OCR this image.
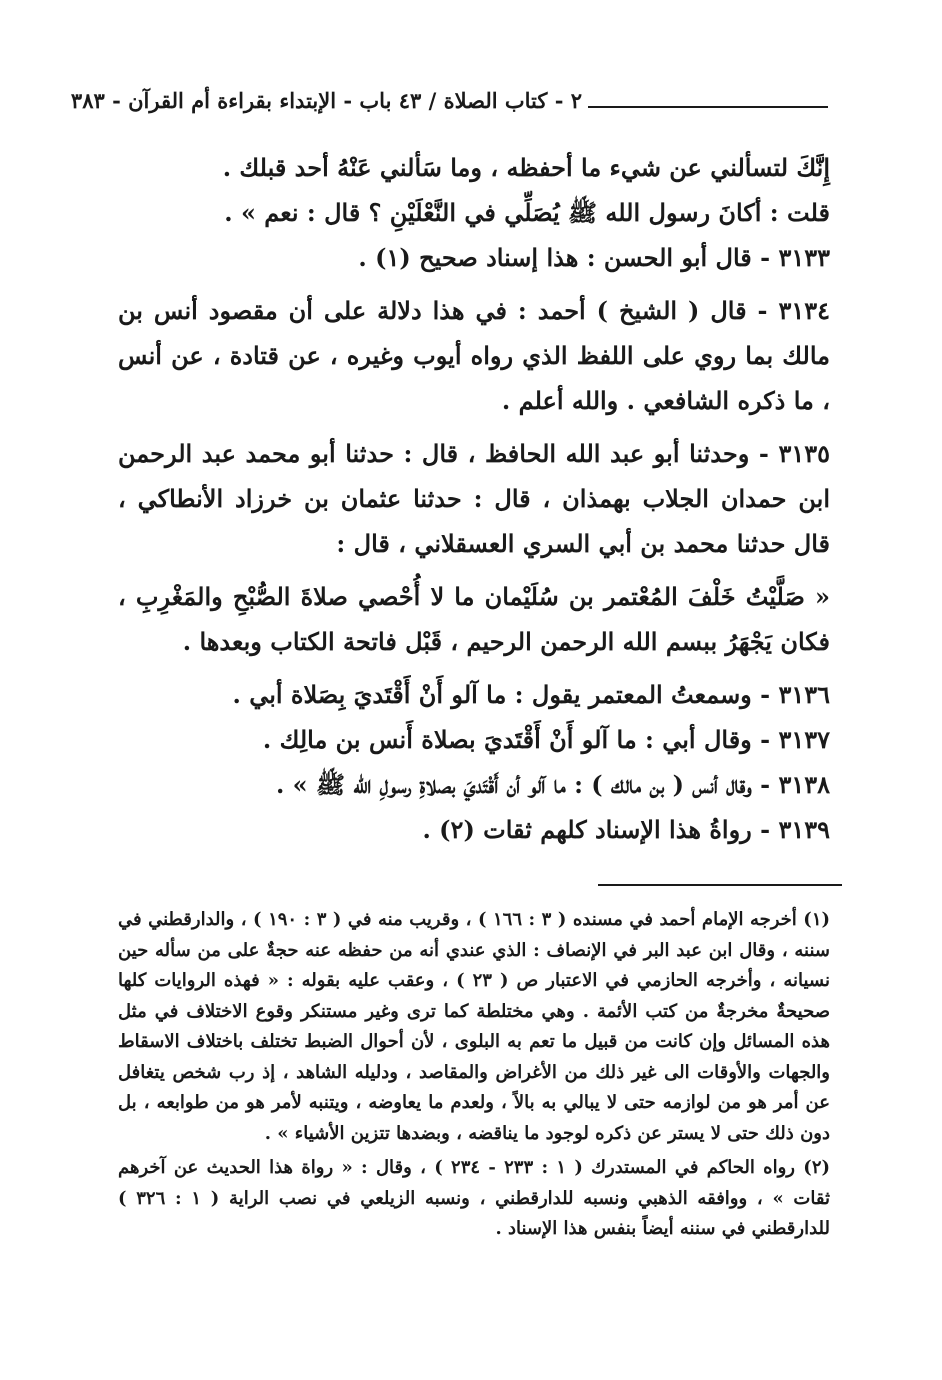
٢ - كتاب الصلاة / ٤٣ باب - الإبتداء بقراءة أم القرآن - ٣٨٣

إِنَّكَ لتسألني عن شيء ما أحفظه ، وما سَألني عَنْهُ أحد قبلك .

قلت : أكانَ رسول الله ﷺ يُصَلِّي في النَّعْلَيْنِ ؟ قال : نعم » .

٣١٣٣ - قال أبو الحسن : هذا إسناد صحيح (١) .

٣١٣٤ - قال ( الشيخ ) أحمد : في هذا دلالة على أن مقصود أنس بن مالك بما روي على اللفظ الذي رواه أيوب وغيره ، عن قتادة ، عن أنس ، ما ذكره الشافعي . والله أعلم .

٣١٣٥ - وحدثنا أبو عبد الله الحافظ ، قال : حدثنا أبو محمد عبد الرحمن ابن حمدان الجلاب بهمذان ، قال : حدثنا عثمان بن خرزاد الأنطاكي ، قال حدثنا محمد بن أبي السري العسقلاني ، قال :

« صَلَّيْتُ خَلْفَ المُعْتمر بن سُلَيْمان ما لا أُحْصي صلاةَ الصُّبْحِ والمَغْرِبِ ، فكان يَجْهَرُ ببسم الله الرحمن الرحيم ، قَبْل فاتحة الكتاب وبعدها .

٣١٣٦ - وسمعتُ المعتمر يقول : ما آلو أَنْ أَقْتَديَ بِصَلاة أبي .

٣١٣٧ - وقال أبي : ما آلو أَنْ أَقْتَديَ بصلاة أَنس بن مالِك .

٣١٣٨ - وقال أنس ( بن مالك ) : ما آلو أن أَقْتَديَ بصلاةِ رسولِ الله ﷺ » .

٣١٣٩ - رواةُ هذا الإسناد كلهم ثقات (٢) .

(١) أخرجه الإمام أحمد في مسنده ( ٣ : ١٦٦ ) ، وقريب منه في ( ٣ : ١٩٠ ) ، والدارقطني في سننه ، وقال ابن عبد البر في الإنصاف : الذي عندي أنه من حفظه عنه حجةٌ على من سأله حين نسيانه ، وأخرجه الحازمي في الاعتبار ص ( ٢٣ ) ، وعقب عليه بقوله : « فهذه الروايات كلها صحيحةٌ مخرجةٌ من كتب الأئمة . وهي مختلطة كما ترى وغير مستنكر وقوع الاختلاف في مثل هذه المسائل وإن كانت من قبيل ما تعم به البلوى ، لأن أحوال الضبط تختلف باختلاف الاسقاط والجهات والأوقات الى غير ذلك من الأغراض والمقاصد ، ودليله الشاهد ، إذ رب شخص يتغافل عن أمر هو من لوازمه حتى لا يبالي به بالاً ، ولعدم ما يعاوضه ، ويتنبه لأمر هو من طوابعه ، بل دون ذلك حتى لا يستر عن ذكره لوجود ما يناقضه ، وبضدها تتزين الأشياء » .

(٢) رواه الحاكم في المستدرك ( ١ : ٢٣٣ - ٢٣٤ ) ، وقال : « رواة هذا الحديث عن آخرهم ثقات » ، ووافقه الذهبي ونسبه للدارقطني ، ونسبه الزيلعي في نصب الراية ( ١ : ٣٢٦ ) للدارقطني في سننه أيضاً بنفس هذا الإسناد .
